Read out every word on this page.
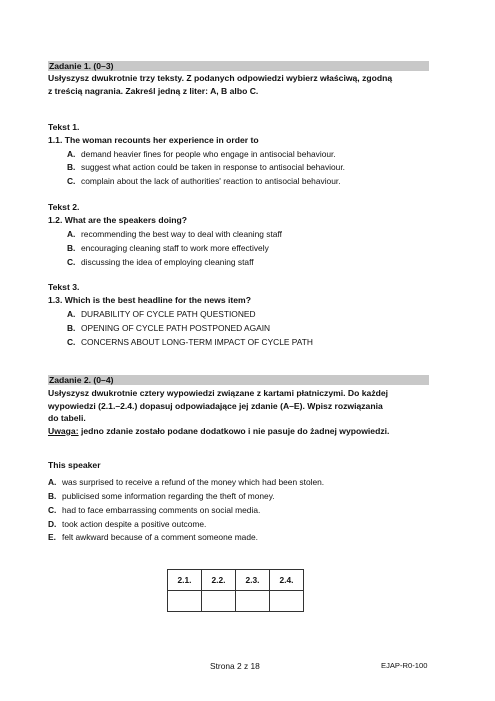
Zadanie 1. (0–3)
Usłyszysz dwukrotnie trzy teksty. Z podanych odpowiedzi wybierz właściwą, zgodną
z treścią nagrania. Zakreśl jedną z liter: A, B albo C.
Tekst 1.
1.1. The woman recounts her experience in order to
A. demand heavier fines for people who engage in antisocial behaviour.
B. suggest what action could be taken in response to antisocial behaviour.
C. complain about the lack of authorities' reaction to antisocial behaviour.
Tekst 2.
1.2. What are the speakers doing?
A. recommending the best way to deal with cleaning staff
B. encouraging cleaning staff to work more effectively
C. discussing the idea of employing cleaning staff
Tekst 3.
1.3. Which is the best headline for the news item?
A. DURABILITY OF CYCLE PATH QUESTIONED
B. OPENING OF CYCLE PATH POSTPONED AGAIN
C. CONCERNS ABOUT LONG-TERM IMPACT OF CYCLE PATH
Zadanie 2. (0–4)
Usłyszysz dwukrotnie cztery wypowiedzi związane z kartami płatniczymi. Do każdej
wypowiedzi (2.1.–2.4.) dopasuj odpowiadające jej zdanie (A–E). Wpisz rozwiązania
do tabeli.
Uwaga: jedno zdanie zostało podane dodatkowo i nie pasuje do żadnej wypowiedzi.
This speaker
A. was surprised to receive a refund of the money which had been stolen.
B. publicised some information regarding the theft of money.
C. had to face embarrassing comments on social media.
D. took action despite a positive outcome.
E. felt awkward because of a comment someone made.
2.1.	2.2.	2.3.	2.4.

Strona 2 z 18	EJAP-R0-100
